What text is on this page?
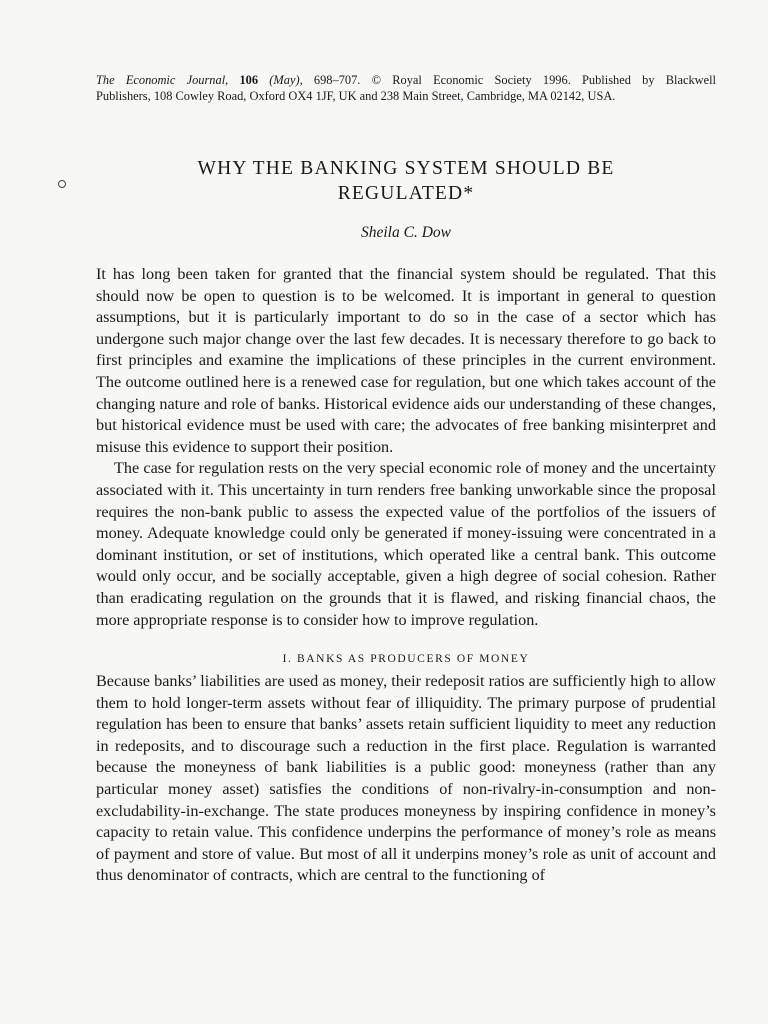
The Economic Journal, 106 (May), 698–707. © Royal Economic Society 1996. Published by Blackwell
Publishers, 108 Cowley Road, Oxford OX4 1JF, UK and 238 Main Street, Cambridge, MA 02142, USA.
WHY THE BANKING SYSTEM SHOULD BE
REGULATED*
Sheila C. Dow

It has long been taken for granted that the financial system should be regulated. That this should now be open to question is to be welcomed. It is important in general to question assumptions, but it is particularly important to do so in the case of a sector which has undergone such major change over the last few decades. It is necessary therefore to go back to first principles and examine the implications of these principles in the current environment. The outcome outlined here is a renewed case for regulation, but one which takes account of the changing nature and role of banks. Historical evidence aids our understanding of these changes, but historical evidence must be used with care; the advocates of free banking misinterpret and misuse this evidence to support their position.

The case for regulation rests on the very special economic role of money and the uncertainty associated with it. This uncertainty in turn renders free banking unworkable since the proposal requires the non-bank public to assess the expected value of the portfolios of the issuers of money. Adequate knowledge could only be generated if money-issuing were concentrated in a dominant institution, or set of institutions, which operated like a central bank. This outcome would only occur, and be socially acceptable, given a high degree of social cohesion. Rather than eradicating regulation on the grounds that it is flawed, and risking financial chaos, the more appropriate response is to consider how to improve regulation.

I. BANKS AS PRODUCERS OF MONEY

Because banks’ liabilities are used as money, their redeposit ratios are sufficiently high to allow them to hold longer-term assets without fear of illiquidity. The primary purpose of prudential regulation has been to ensure that banks’ assets retain sufficient liquidity to meet any reduction in redeposits, and to discourage such a reduction in the first place. Regulation is warranted because the moneyness of bank liabilities is a public good: moneyness (rather than any particular money asset) satisfies the conditions of non-rivalry-in-consumption and non-excludability-in-exchange. The state produces moneyness by inspiring confidence in money’s capacity to retain value. This confidence underpins the performance of money’s role as means of payment and store of value. But most of all it underpins money’s role as unit of account and thus denominator of contracts, which are central to the functioning of
